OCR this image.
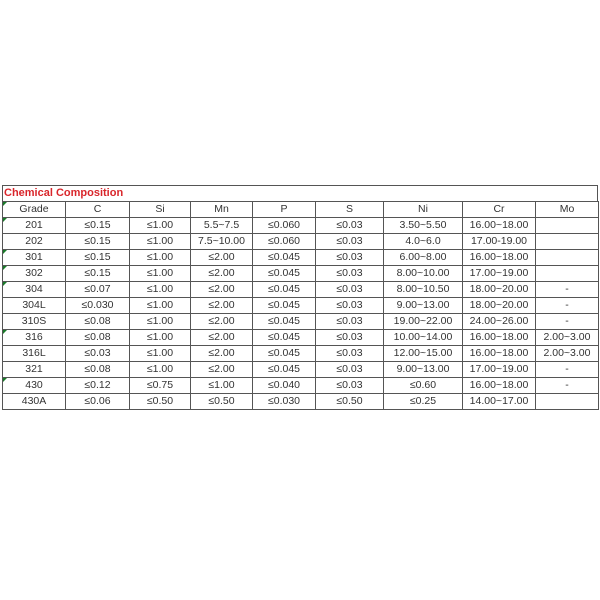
Chemical Composition
Grade	C	Si	Mn	P	S	Ni	Cr	Mo
201	≤0.15	≤1.00	5.5~7.5	≤0.060	≤0.03	3.50~5.50	16.00~18.00	
202	≤0.15	≤1.00	7.5~10.00	≤0.060	≤0.03	4.0~6.0	17.00-19.00	
301	≤0.15	≤1.00	≤2.00	≤0.045	≤0.03	6.00~8.00	16.00~18.00	
302	≤0.15	≤1.00	≤2.00	≤0.045	≤0.03	8.00~10.00	17.00~19.00	
304	≤0.07	≤1.00	≤2.00	≤0.045	≤0.03	8.00~10.50	18.00~20.00	-
304L	≤0.030	≤1.00	≤2.00	≤0.045	≤0.03	9.00~13.00	18.00~20.00	-
310S	≤0.08	≤1.00	≤2.00	≤0.045	≤0.03	19.00~22.00	24.00~26.00	-
316	≤0.08	≤1.00	≤2.00	≤0.045	≤0.03	10.00~14.00	16.00~18.00	2.00~3.00
316L	≤0.03	≤1.00	≤2.00	≤0.045	≤0.03	12.00~15.00	16.00~18.00	2.00~3.00
321	≤0.08	≤1.00	≤2.00	≤0.045	≤0.03	9.00~13.00	17.00~19.00	-
430	≤0.12	≤0.75	≤1.00	≤0.040	≤0.03	≤0.60	16.00~18.00	-
430A	≤0.06	≤0.50	≤0.50	≤0.030	≤0.50	≤0.25	14.00~17.00	
